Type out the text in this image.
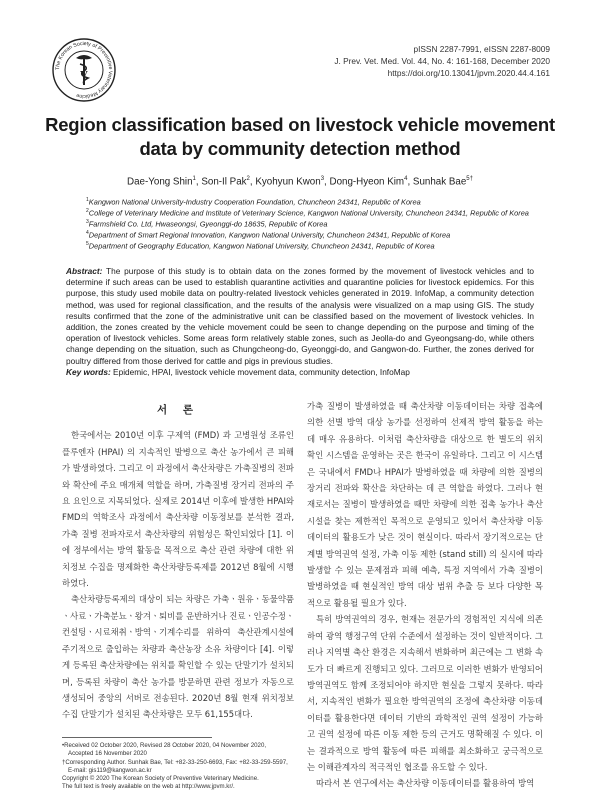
The Korean Society of Preventive Veterinary Medicine
V
pISSN 2287-7991, eISSN 2287-8009
J. Prev. Vet. Med. Vol. 44, No. 4: 161-168, December 2020
https://doi.org/10.13041/jpvm.2020.44.4.161
Region classification based on livestock vehicle movement data by community detection method
Dae-Yong Shin$^1$, Son-Il Pak$^2$, Kyohyun Kwon$^3$, Dong-Hyeon Kim$^4$, Sunhak Bae$^{5\dagger}$
$^1$Kangwon National University-Industry Cooperation Foundation, Chuncheon 24341, Republic of Korea
$^2$College of Veterinary Medicine and Institute of Veterinary Science, Kangwon National University, Chuncheon 24341, Republic of Korea
$^3$Farmshield Co. Ltd, Hwaseongsi, Gyeonggi-do 18635, Republic of Korea
$^4$Department of Smart Regional Innovation, Kangwon National University, Chuncheon 24341, Republic of Korea
$^5$Department of Geography Education, Kangwon National University, Chuncheon 24341, Republic of Korea
Abstract: The purpose of this study is to obtain data on the zones formed by the movement of livestock vehicles and to determine if such areas can be used to establish quarantine activities and quarantine policies for livestock epidemics. For this purpose, this study used mobile data on poultry-related livestock vehicles generated in 2019. InfoMap, a community detection method, was used for regional classification, and the results of the analysis were visualized on a map using GIS. The study results confirmed that the zone of the administrative unit can be classified based on the movement of livestock vehicles. In addition, the zones created by the vehicle movement could be seen to change depending on the purpose and timing of the operation of livestock vehicles. Some areas form relatively stable zones, such as Jeolla-do and Gyeongsang-do, while others change depending on the situation, such as Chungcheong-do, Gyeonggi-do, and Gangwon-do. Further, the zones derived for poultry differed from those derived for cattle and pigs in previous studies.
Key words: Epidemic, HPAI, livestock vehicle movement data, community detection, InfoMap
서 론

한국에서는 2010년 이후 구제역 (FMD) 과 고병원성 조류인플루엔자 (HPAI) 의 지속적인 발병으로 축산 농가에서 큰 피해가 발생하였다. 그리고 이 과정에서 축산차량은 가축질병의 전파와 확산에 주요 매개체 역할을 하며, 가축질병 장거리 전파의 주요 요인으로 지목되었다. 실제로 2014년 이후에 발생한 HPAI와 FMD의 역학조사 과정에서 축산차량 이동정보를 분석한 결과, 가축 질병 전파자로서 축산차량의 위험성은 확인되었다 [1]. 이에 정부에서는 방역 활동을 목적으로 축산 관련 차량에 대한 위치정보 수집을 명제화한 축산차량등록제를 2012년 8월에 시행하였다.

축산차량등록제의 대상이 되는 차량은 가축ㆍ원유ㆍ동물약품ㆍ사료ㆍ가축분뇨ㆍ왕겨ㆍ퇴비를 운반하거나 진료ㆍ인공수정ㆍ컨설팅ㆍ시료채취ㆍ방역ㆍ기계수리를 위하여 축산관계시설에 주기적으로 출입하는 차량과 축산농장 소유 차량이다 [4]. 이렇게 등록된 축산차량에는 위치를 확인할 수 있는 단말기가 설치되며, 등록된 차량이 축산 농가를 방문하면 관련 정보가 자동으로 생성되어 중앙의 서버로 전송된다. 2020년 8월 현재 위치정보 수집 단말기가 설치된 축산차량은 모두 61,155대다.

가축 질병이 발생하였을 때 축산차량 이동데이터는 차량 접촉에 의한 선별 방역 대상 농가를 선정하여 선제적 방역 활동을 하는 데 매우 유용하다. 이처럼 축산차량을 대상으로 한 별도의 위치 확인 시스템을 운영하는 곳은 한국이 유일하다. 그리고 이 시스템은 국내에서 FMD나 HPAI가 발병하였을 때 차량에 의한 질병의 장거리 전파와 확산을 차단하는 데 큰 역할을 하였다. 그러나 현재로서는 질병이 발생하였을 때만 차량에 의한 접촉 농가나 축산시설을 찾는 제한적인 목적으로 운영되고 있어서 축산차량 이동데이터의 활용도가 낮은 것이 현실이다. 따라서 장기적으로는 단계별 방역권역 설정, 가축 이동 제한 (stand still) 의 실시에 따라 발생할 수 있는 문제점과 피해 예측, 특정 지역에서 가축 질병이 발병하였을 때 현실적인 방역 대상 범위 추출 등 보다 다양한 목적으로 활용될 필요가 있다.

특히 방역권역의 경우, 현재는 전문가의 경험적인 지식에 의존하여 광역 행정구역 단위 수준에서 설정하는 것이 일반적이다. 그러나 지역별 축산 환경은 지속해서 변화하며 최근에는 그 변화 속도가 더 빠르게 진행되고 있다. 그러므로 이러한 변화가 반영되어 방역권역도 함께 조정되어야 하지만 현실을 그렇지 못하다. 따라서, 지속적인 변화가 필요한 방역권역의 조정에 축산차량 이동데이터를 활용한다면 데이터 기반의 과학적인 권역 설정이 가능하고 권역 설정에 따른 이동 제한 등의 근거도 명확해질 수 있다. 이는 결과적으로 방역 활동에 따른 피해를 최소화하고 궁극적으로는 이해관계자의 적극적인 협조를 유도할 수 있다.

따라서 본 연구에서는 축산차량 이동데이터를 활용하여 방역

•Received 02 October 2020, Revised 28 October 2020, 04 November 2020,
Accepted 16 November 2020
†Corresponding Author. Sunhak Bae, Tel: +82-33-250-6693, Fax: +82-33-259-5597,
E-mail: gis119@kangwon.ac.kr
Copyright © 2020 The Korean Society of Preventive Veterinary Medicine.
The full text is freely available on the web at http://www.jpvm.kr/.
